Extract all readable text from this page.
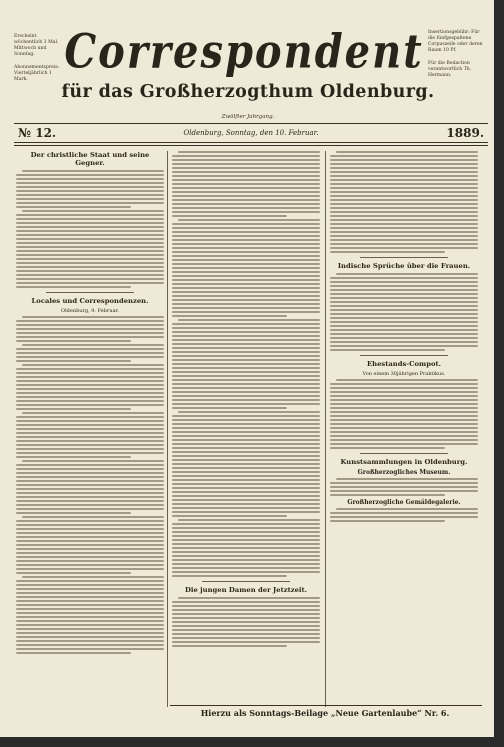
Erscheint wöchentlich 3 Mal. Mittwoch und Sonntag.

Abonnementspreis: Vierteljährlich 1 Mark.

Correspondent Insertionsgebühr: Für die fünfgespaltene Corpuszeile oder deren Raum 10 Pf.

Für die Redaction verantwortlich Th. Hermann.

für das Großherzogthum Oldenburg.
Zwölfter Jahrgang.
№ 12.	Oldenburg, Sonntag, den 10. Februar.	1889.
Der christliche Staat und seine Gegner.
Locales und Correspondenzen.
Oldenburg, 9. Februar.
Die jungen Damen der Jetztzeit.
Indische Sprüche über die Frauen.
Ehestands-Compot.
Von einem 30jährigen Praktikus.
Kunstsammlungen in Oldenburg.
Großherzogliches Museum.
Großherzogliche Gemäldegalerie.
Hierzu als Sonntags-Beilage „Neue Gartenlaube“ Nr. 6.
